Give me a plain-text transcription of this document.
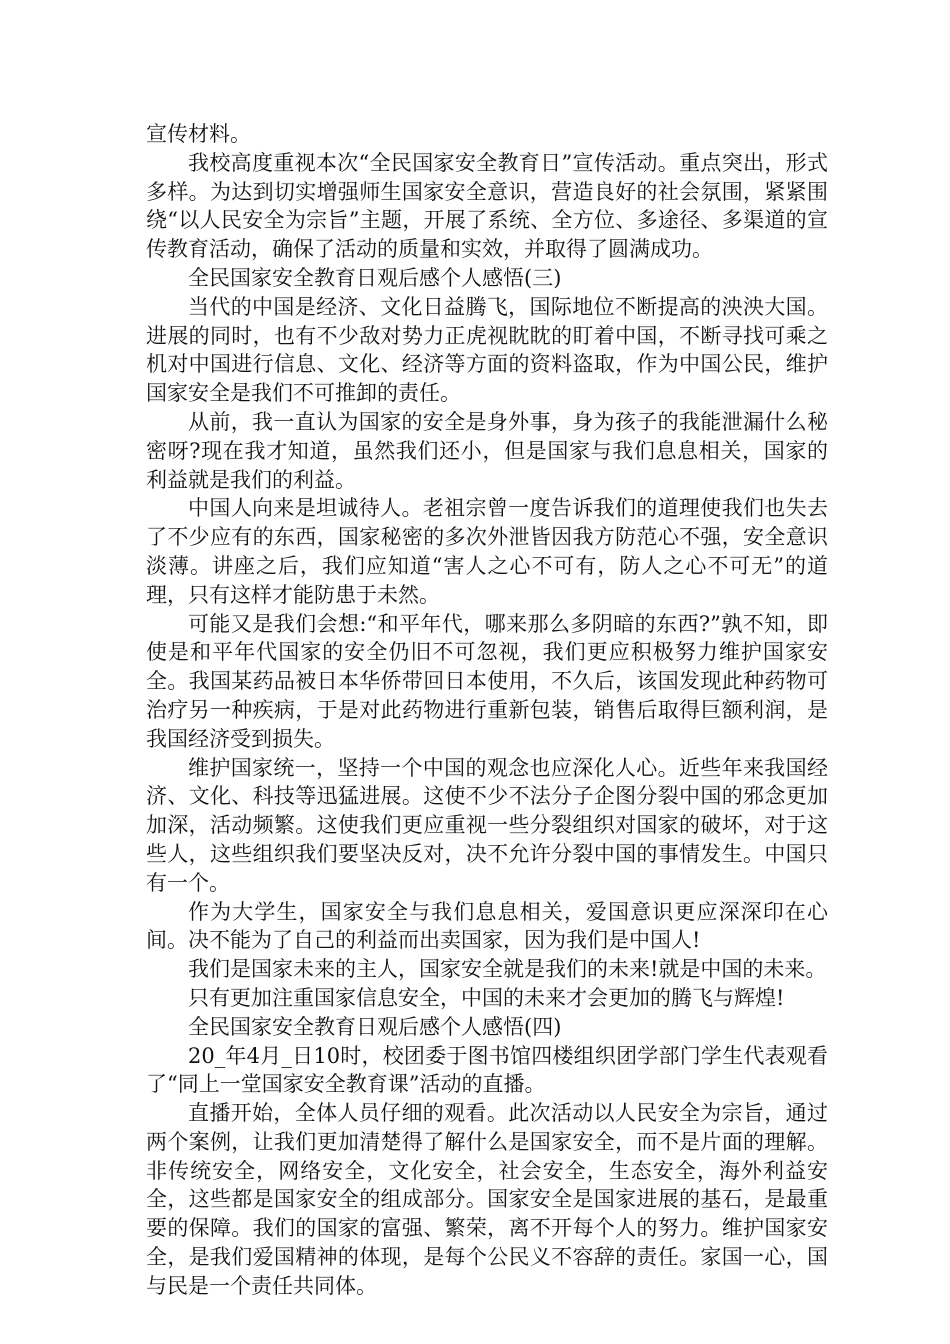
宣传材料。

我校高度重视本次“全民国家安全教育日”宣传活动。重点突出，形式多样。为达到切实增强师生国家安全意识，营造良好的社会氛围，紧紧围绕“以人民安全为宗旨”主题，开展了系统、全方位、多途径、多渠道的宣传教育活动，确保了活动的质量和实效，并取得了圆满成功。

全民国家安全教育日观后感个人感悟(三)

当代的中国是经济、文化日益腾飞，国际地位不断提高的泱泱大国。进展的同时，也有不少敌对势力正虎视眈眈的盯着中国，不断寻找可乘之机对中国进行信息、文化、经济等方面的资料盗取，作为中国公民，维护国家安全是我们不可推卸的责任。

从前，我一直认为国家的安全是身外事，身为孩子的我能泄漏什么秘密呀?现在我才知道，虽然我们还小，但是国家与我们息息相关，国家的利益就是我们的利益。

中国人向来是坦诚待人。老祖宗曾一度告诉我们的道理使我们也失去了不少应有的东西，国家秘密的多次外泄皆因我方防范心不强，安全意识淡薄。讲座之后，我们应知道“害人之心不可有，防人之心不可无”的道理，只有这样才能防患于未然。

可能又是我们会想:“和平年代，哪来那么多阴暗的东西?”孰不知，即使是和平年代国家的安全仍旧不可忽视，我们更应积极努力维护国家安全。我国某药品被日本华侨带回日本使用，不久后，该国发现此种药物可治疗另一种疾病，于是对此药物进行重新包装，销售后取得巨额利润，是我国经济受到损失。

维护国家统一，坚持一个中国的观念也应深化人心。近些年来我国经济、文化、科技等迅猛进展。这使不少不法分子企图分裂中国的邪念更加加深，活动频繁。这使我们更应重视一些分裂组织对国家的破坏，对于这些人，这些组织我们要坚决反对，决不允许分裂中国的事情发生。中国只有一个。

作为大学生，国家安全与我们息息相关，爱国意识更应深深印在心间。决不能为了自己的利益而出卖国家，因为我们是中国人!

我们是国家未来的主人，国家安全就是我们的未来!就是中国的未来。

只有更加注重国家信息安全，中国的未来才会更加的腾飞与辉煌!

全民国家安全教育日观后感个人感悟(四)

20_年4月_日10时，校团委于图书馆四楼组织团学部门学生代表观看了“同上一堂国家安全教育课”活动的直播。

直播开始，全体人员仔细的观看。此次活动以人民安全为宗旨，通过两个案例，让我们更加清楚得了解什么是国家安全，而不是片面的理解。非传统安全，网络安全，文化安全，社会安全，生态安全，海外利益安全，这些都是国家安全的组成部分。国家安全是国家进展的基石，是最重要的保障。我们的国家的富强、繁荣，离不开每个人的努力。维护国家安全，是我们爱国精神的体现，是每个公民义不容辞的责任。家国一心，国与民是一个责任共同体。
